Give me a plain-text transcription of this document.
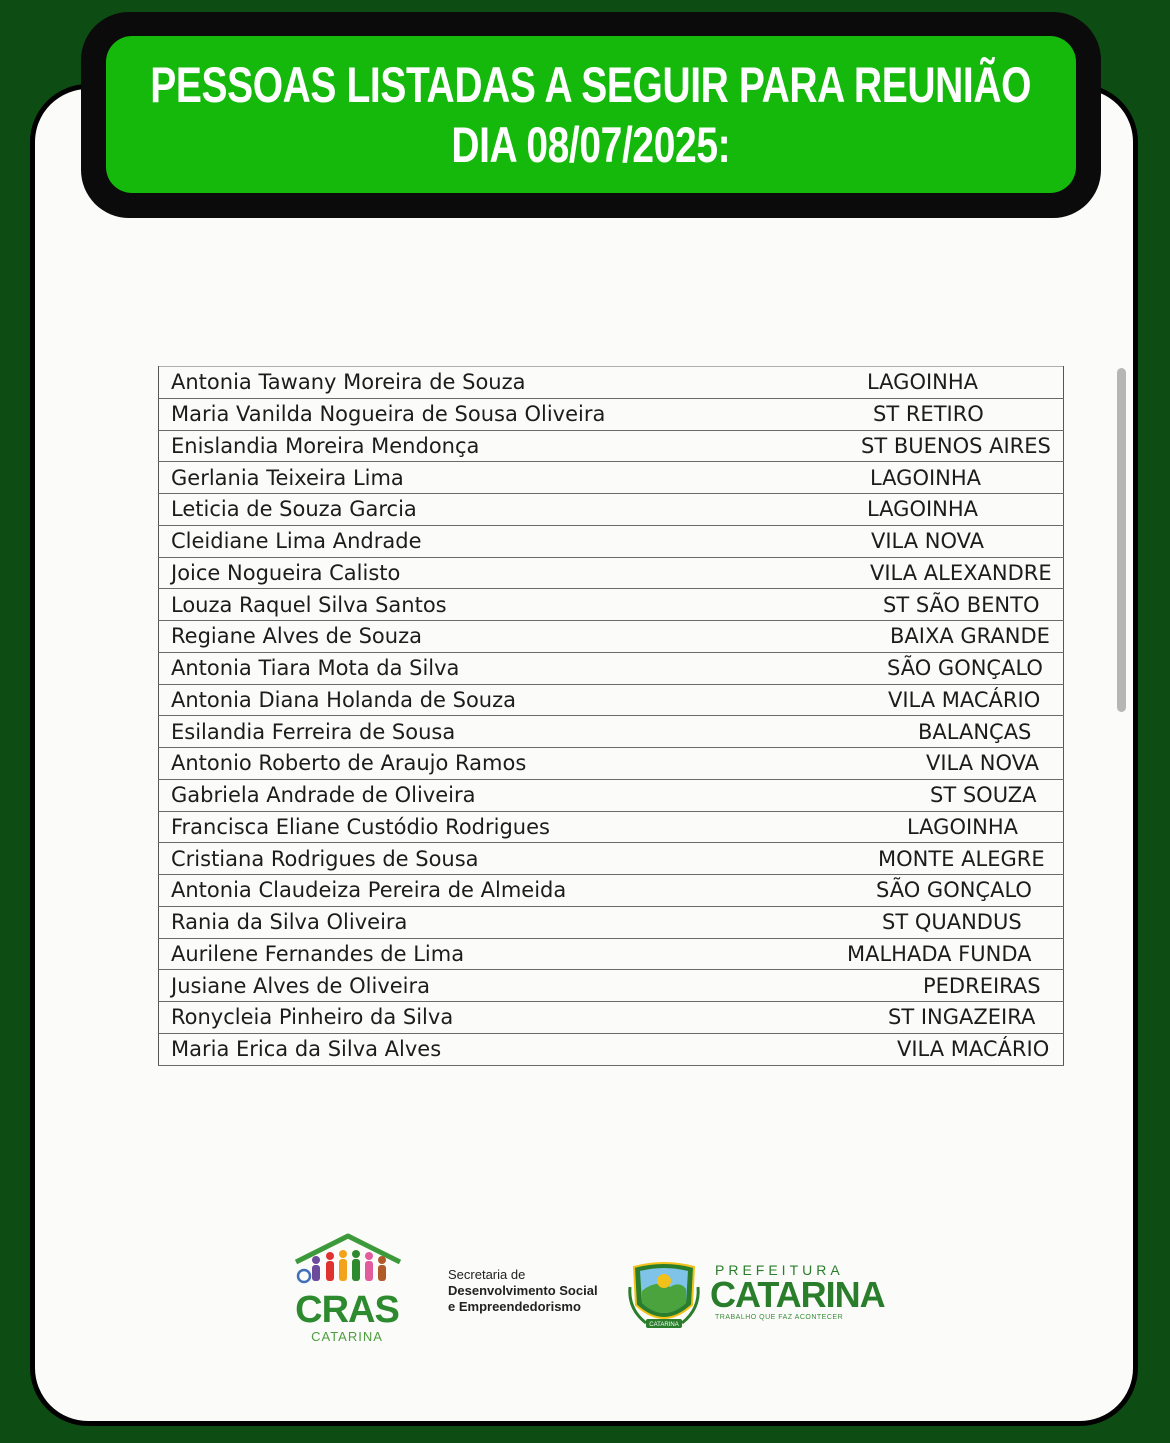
PESSOAS LISTADAS A SEGUIR PARA REUNIÃO
DIA 08/07/2025:
Antonia Tawany Moreira de Souza	LAGOINHA
Maria Vanilda Nogueira de Sousa Oliveira	ST RETIRO
Enislandia Moreira Mendonça	ST BUENOS AIRES
Gerlania Teixeira Lima	LAGOINHA
Leticia de Souza Garcia	LAGOINHA
Cleidiane Lima Andrade	VILA NOVA
Joice Nogueira Calisto	VILA ALEXANDRE
Louza Raquel Silva Santos	ST SÃO BENTO
Regiane Alves de Souza	BAIXA GRANDE
Antonia Tiara Mota da Silva	SÃO GONÇALO
Antonia Diana Holanda de Souza	VILA MACÁRIO
Esilandia Ferreira de Sousa	BALANÇAS
Antonio Roberto de Araujo Ramos	VILA NOVA
Gabriela Andrade de Oliveira	ST SOUZA
Francisca Eliane Custódio Rodrigues	LAGOINHA
Cristiana Rodrigues de Sousa	MONTE ALEGRE
Antonia Claudeiza Pereira de Almeida	SÃO GONÇALO
Rania da Silva Oliveira	ST QUANDUS
Aurilene Fernandes de Lima	MALHADA FUNDA
Jusiane Alves de Oliveira	PEDREIRAS
Ronycleia Pinheiro da Silva	ST INGAZEIRA
Maria Erica da Silva Alves	VILA MACÁRIO
CRAS
CATARINA
Secretaria de
Desenvolvimento Social
e Empreendedorismo
CATARINA
PREFEITURA
CATARINA
TRABALHO QUE FAZ ACONTECER
